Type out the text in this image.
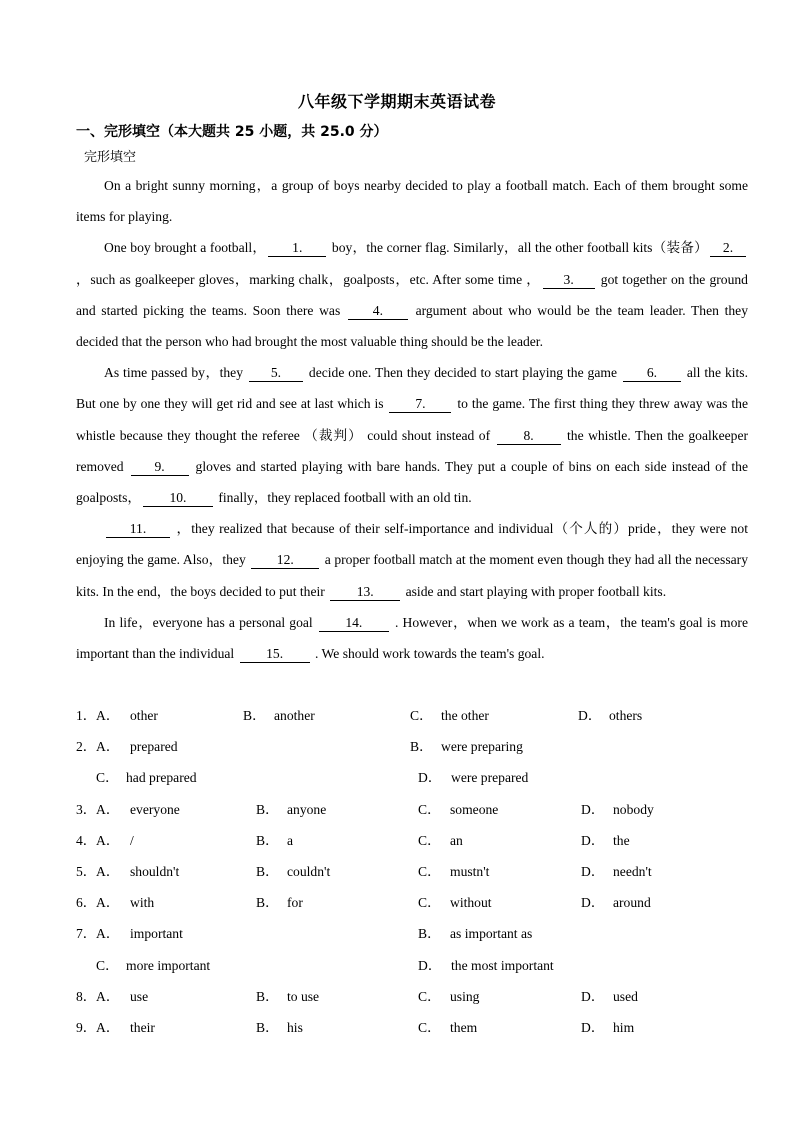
八年级下学期期末英语试卷
一、完形填空（本大题共 25 小题，共 25.0 分）
完形填空

On a bright sunny morning，a group of boys nearby decided to play a football match. Each of them brought some items for playing.

One boy brought a football， 1. boy，the corner flag. Similarly，all the other football kits（装备） 2. ，such as goalkeeper gloves，marking chalk，goalposts，etc. After some time ， 3. got together on the ground and started picking the teams. Soon there was 4. argument about who would be the team leader. Then they decided that the person who had brought the most valuable thing should be the leader.

As time passed by，they 5. decide one. Then they decided to start playing the game 6. all the kits. But one by one they will get rid and see at last which is 7. to the game. The first thing they threw away was the whistle because they thought the referee （裁判） could shout instead of 8. the whistle. Then the goalkeeper removed 9. gloves and started playing with bare hands. They put a couple of bins on each side instead of the goalposts， 10. finally，they replaced football with an old tin.

11. ，they realized that because of their self-importance and individual（个人的）pride，they were not enjoying the game. Also，they 12. a proper football match at the moment even though they had all the necessary kits. In the end，the boys decided to put their 13. aside and start playing with proper football kits.

In life，everyone has a personal goal 14. . However，when we work as a team，the team's goal is more important than the individual 15. . We should work towards the team's goal.

1． A． other	B． another	C． the other	D． others
2． A． prepared	B． were preparing
C． had prepared	D． were prepared
3． A． everyone	B． anyone	C． someone	D． nobody
4． A． /	B． a	C． an	D． the
5． A． shouldn't	B． couldn't	C． mustn't	D． needn't
6． A． with	B． for	C． without	D． around
7． A． important	B． as important as
C． more important	D． the most important
8． A． use	B． to use	C． using	D． used
9． A． their	B． his	C． them	D． him
